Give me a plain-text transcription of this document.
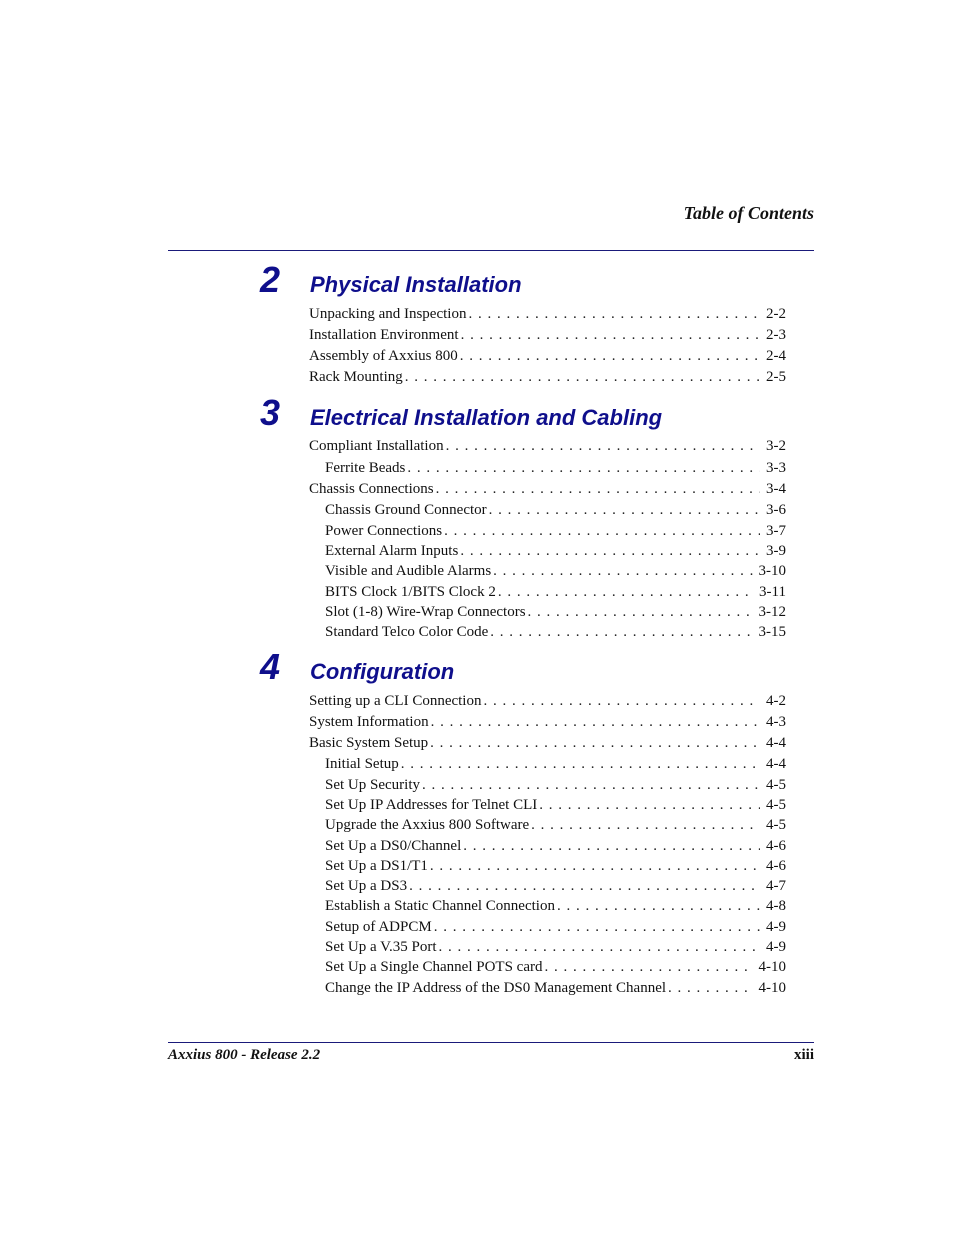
Table of Contents
2 Physical Installation
Unpacking and Inspection . . .	2-2
Installation Environment . . .	2-3
Assembly of Axxius 800 . . .	2-4
Rack Mounting . . .	2-5
3 Electrical Installation and Cabling
Compliant Installation . . .	3-2
Ferrite Beads . . .	3-3
Chassis Connections . . .	3-4
Chassis Ground Connector . . .	3-6
Power Connections . . .	3-7
External Alarm Inputs . . .	3-9
Visible and Audible Alarms . . .	3-10
BITS Clock 1/BITS Clock 2 . . .	3-11
Slot (1-8) Wire-Wrap Connectors . . .	3-12
Standard Telco Color Code . . .	3-15
4 Configuration
Setting up a CLI Connection . . .	4-2
System Information . . .	4-3
Basic System Setup . . .	4-4
Initial Setup . . .	4-4
Set Up Security . . .	4-5
Set Up IP Addresses for Telnet CLI . . .	4-5
Upgrade the Axxius 800 Software . . .	4-5
Set Up a DS0/Channel . . .	4-6
Set Up a DS1/T1 . . .	4-6
Set Up a DS3 . . .	4-7
Establish a Static Channel Connection . . .	4-8
Setup of ADPCM . . .	4-9
Set Up a V.35 Port . . .	4-9
Set Up a Single Channel POTS card . . .	4-10
Change the IP Address of the DS0 Management Channel . . .	4-10
Axxius 800 - Release 2.2	xiii
